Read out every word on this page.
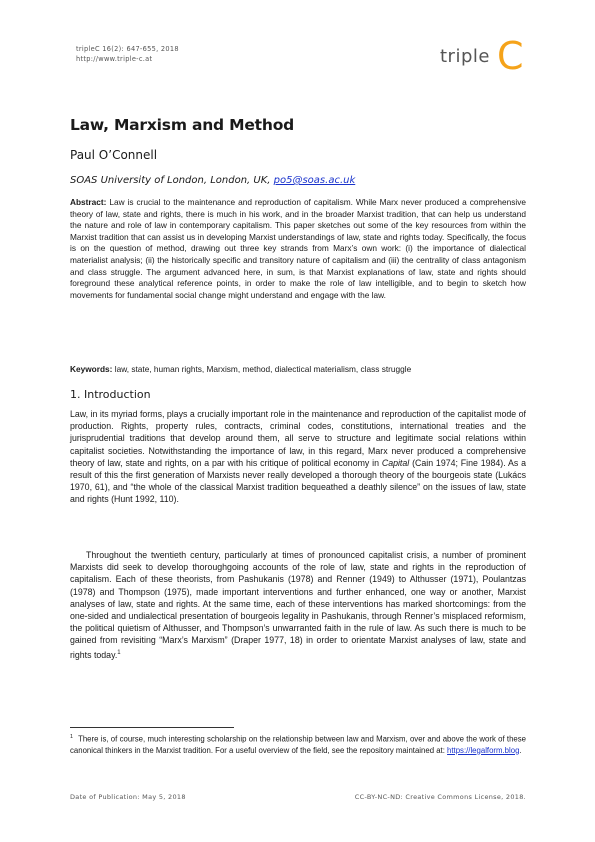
tripleC 16(2): 647-655, 2018
http://www.triple-c.at	triple C
Law, Marxism and Method
Paul O’Connell
SOAS University of London, London, UK, po5@soas.ac.uk
Abstract: Law is crucial to the maintenance and reproduction of capitalism. While Marx never produced a comprehensive theory of law, state and rights, there is much in his work, and in the broader Marxist tradition, that can help us understand the nature and role of law in contemporary capitalism. This paper sketches out some of the key resources from within the Marxist tradition that can assist us in developing Marxist understandings of law, state and rights today. Specifically, the focus is on the question of method, drawing out three key strands from Marx’s own work: (i) the importance of dialectical materialist analysis; (ii) the historically specific and transitory nature of capitalism and (iii) the centrality of class antagonism and class struggle. The argument advanced here, in sum, is that Marxist explanations of law, state and rights should foreground these analytical reference points, in order to make the role of law intelligible, and to begin to sketch how movements for fundamental social change might understand and engage with the law.
Keywords: law, state, human rights, Marxism, method, dialectical materialism, class struggle
1. Introduction

Law, in its myriad forms, plays a crucially important role in the maintenance and reproduction of the capitalist mode of production. Rights, property rules, contracts, criminal codes, constitutions, international treaties and the jurisprudential traditions that develop around them, all serve to structure and legitimate social relations within capitalist societies. Notwithstanding the importance of law, in this regard, Marx never produced a comprehensive theory of law, state and rights, on a par with his critique of political economy in Capital (Cain 1974; Fine 1984). As a result of this the first generation of Marxists never really developed a thorough theory of the bourgeois state (Lukács 1970, 61), and “the whole of the classical Marxist tradition bequeathed a deathly silence” on the issues of law, state and rights (Hunt 1992, 110).

Throughout the twentieth century, particularly at times of pronounced capitalist crisis, a number of prominent Marxists did seek to develop thoroughgoing accounts of the role of law, state and rights in the reproduction of capitalism. Each of these theorists, from Pashukanis (1978) and Renner (1949) to Althusser (1971), Poulantzas (1978) and Thompson (1975), made important interventions and further enhanced, one way or another, Marxist analyses of law, state and rights. At the same time, each of these interventions has marked shortcomings: from the one-sided and undialectical presentation of bourgeois legality in Pashukanis, through Renner’s misplaced reformism, the political quietism of Althusser, and Thompson’s unwarranted faith in the rule of law. As such there is much to be gained from revisiting “Marx’s Marxism” (Draper 1977, 18) in order to orientate Marxist analyses of law, state and rights today.$^1$

$^1$ There is, of course, much interesting scholarship on the relationship between law and Marxism, over and above the work of these canonical thinkers in the Marxist tradition. For a useful overview of the field, see the repository maintained at: https://legalform.blog.
Date of Publication: May 5, 2018	CC-BY-NC-ND: Creative Commons License, 2018.
